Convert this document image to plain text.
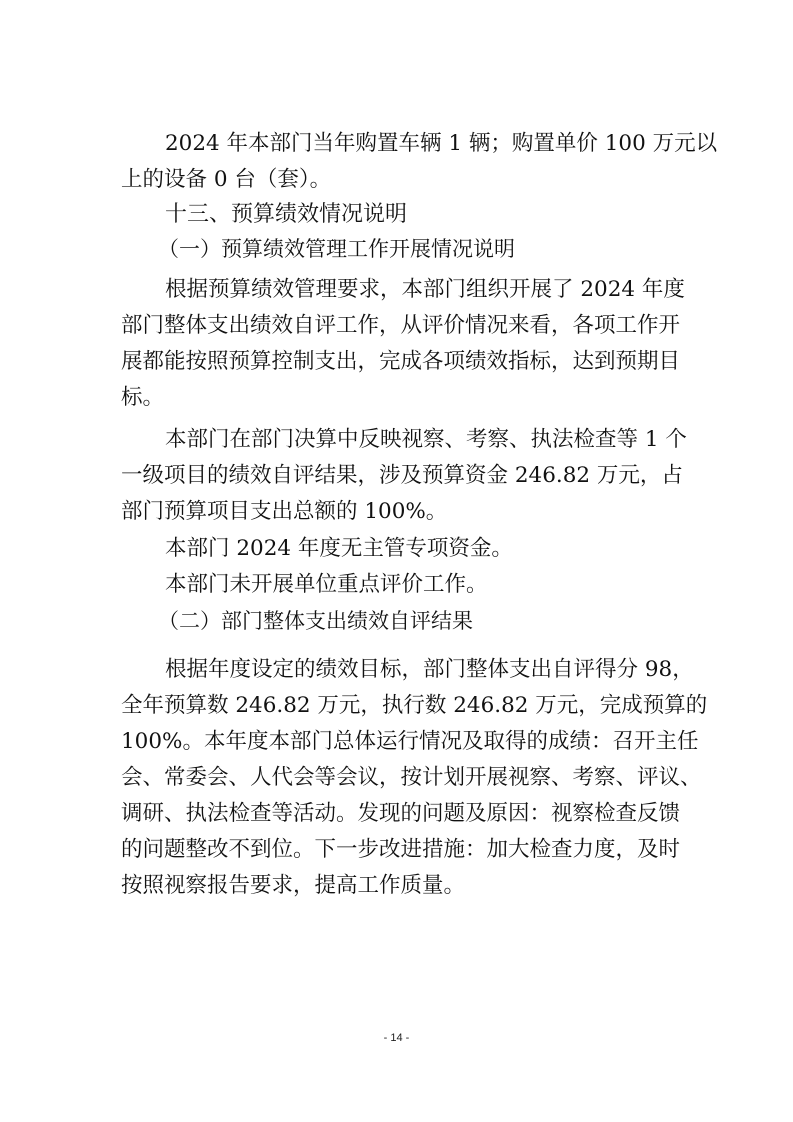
2024 年本部门当年购置车辆 1 辆；购置单价 100 万元以
上的设备 0 台（套）。
十三、预算绩效情况说明
（一）预算绩效管理工作开展情况说明
根据预算绩效管理要求，本部门组织开展了 2024 年度
部门整体支出绩效自评工作，从评价情况来看，各项工作开
展都能按照预算控制支出，完成各项绩效指标，达到预期目
标。
本部门在部门决算中反映视察、考察、执法检查等 1 个
一级项目的绩效自评结果，涉及预算资金 246.82 万元，占
部门预算项目支出总额的 100%。
本部门 2024 年度无主管专项资金。
本部门未开展单位重点评价工作。
（二）部门整体支出绩效自评结果
根据年度设定的绩效目标，部门整体支出自评得分 98，
全年预算数 246.82 万元，执行数 246.82 万元，完成预算的
100%。本年度本部门总体运行情况及取得的成绩：召开主任
会、常委会、人代会等会议，按计划开展视察、考察、评议、
调研、执法检查等活动。发现的问题及原因：视察检查反馈
的问题整改不到位。下一步改进措施：加大检查力度，及时
按照视察报告要求，提高工作质量。
- 14 -
